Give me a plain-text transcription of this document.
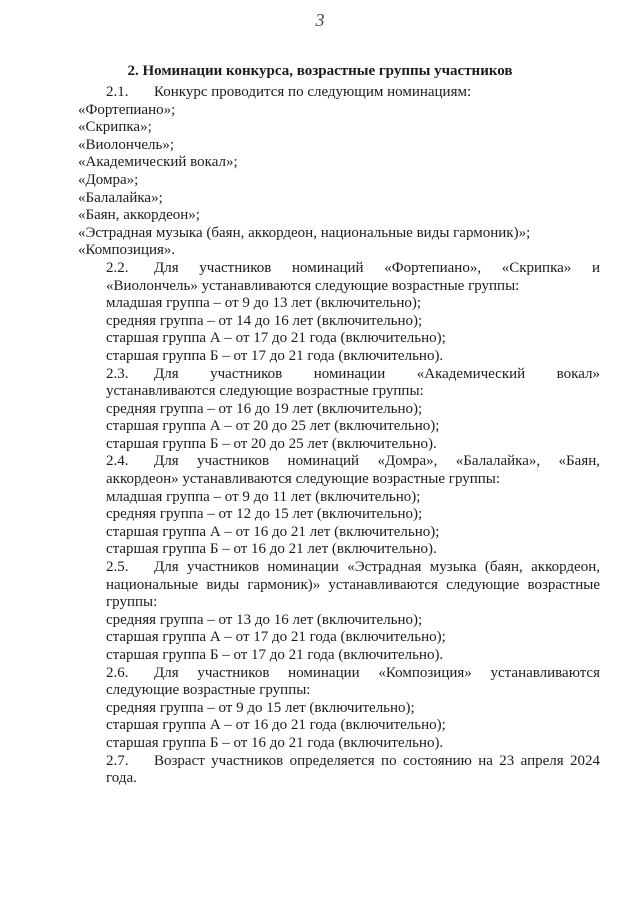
3
2. Номинации конкурса, возрастные группы участников

2.1. Конкурс проводится по следующим номинациям:

«Фортепиано»;

«Скрипка»;

«Виолончель»;

«Академический вокал»;

«Домра»;

«Балалайка»;

«Баян, аккордеон»;

«Эстрадная музыка (баян, аккордеон, национальные виды гармоник)»;

«Композиция».

2.2. Для участников номинаций «Фортепиано», «Скрипка» и «Виолончель» устанавливаются следующие возрастные группы:

младшая группа – от 9 до 13 лет (включительно);

средняя группа – от 14 до 16 лет (включительно);

старшая группа А – от 17 до 21 года (включительно);

старшая группа Б – от 17 до 21 года (включительно).

2.3. Для участников номинации «Академический вокал» устанавливаются следующие возрастные группы:

средняя группа – от 16 до 19 лет (включительно);

старшая группа А – от 20 до 25 лет (включительно);

старшая группа Б – от 20 до 25 лет (включительно).

2.4. Для участников номинаций «Домра», «Балалайка», «Баян, аккордеон» устанавливаются следующие возрастные группы:

младшая группа – от 9 до 11 лет (включительно);

средняя группа – от 12 до 15 лет (включительно);

старшая группа А – от 16 до 21 лет (включительно);

старшая группа Б – от 16 до 21 лет (включительно).

2.5. Для участников номинации «Эстрадная музыка (баян, аккордеон, национальные виды гармоник)» устанавливаются следующие возрастные группы:

средняя группа – от 13 до 16 лет (включительно);

старшая группа А – от 17 до 21 года (включительно);

старшая группа Б – от 17 до 21 года (включительно).

2.6. Для участников номинации «Композиция» устанавливаются следующие возрастные группы:

средняя группа – от 9 до 15 лет (включительно);

старшая группа А – от 16 до 21 года (включительно);

старшая группа Б – от 16 до 21 года (включительно).

2.7. Возраст участников определяется по состоянию на 23 апреля 2024 года.
